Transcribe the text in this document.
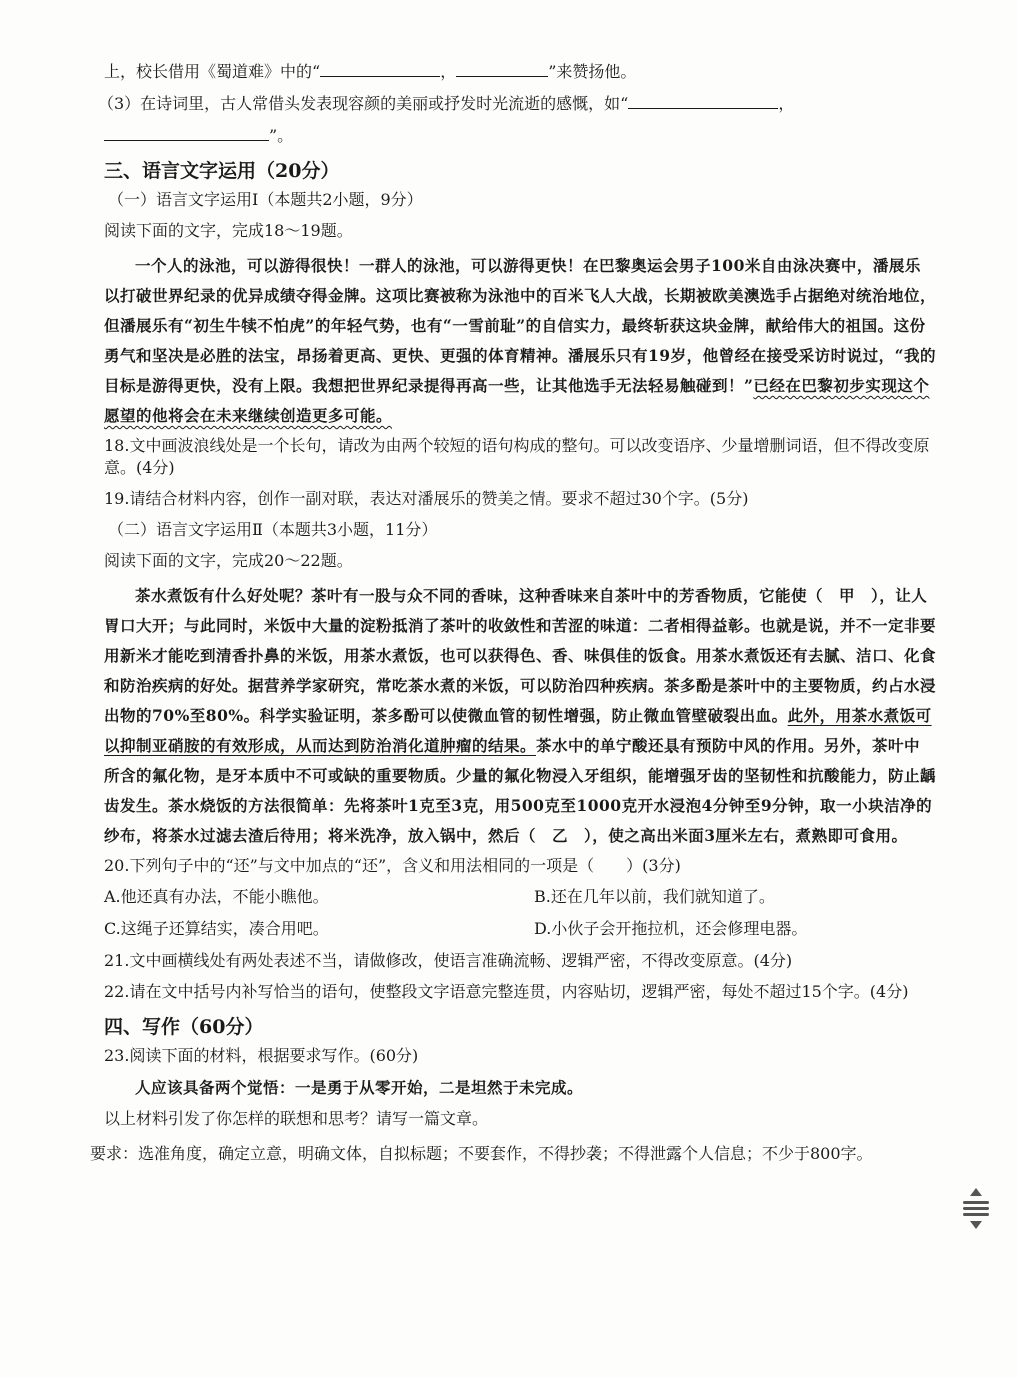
上，校长借用《蜀道难》中的“	，	”来赞扬他。

（3）在诗词里，古人常借头发表现容颜的美丽或抒发时光流逝的感慨，如“	，

”。

三、语言文字运用（20分）

（一）语言文字运用Ⅰ（本题共2小题，9分）

阅读下面的文字，完成18～19题。

一个人的泳池，可以游得很快！一群人的泳池，可以游得更快！在巴黎奥运会男子100米自由泳决赛中，潘展乐以打破世界纪录的优异成绩夺得金牌。这项比赛被称为泳池中的百米飞人大战，长期被欧美澳选手占据绝对统治地位，但潘展乐有“初生牛犊不怕虎”的年轻气势，也有“一雪前耻”的自信实力，最终斩获这块金牌，献给伟大的祖国。这份勇气和坚决是必胜的法宝，昂扬着更高、更快、更强的体育精神。潘展乐只有19岁，他曾经在接受采访时说过，“我的目标是游得更快，没有上限。我想把世界纪录提得再高一些，让其他选手无法轻易触碰到！”已经在巴黎初步实现这个愿望的他将会在未来继续创造更多可能。

18.文中画波浪线处是一个长句，请改为由两个较短的语句构成的整句。可以改变语序、少量增删词语，但不得改变原意。(4分)

19.请结合材料内容，创作一副对联，表达对潘展乐的赞美之情。要求不超过30个字。(5分)

（二）语言文字运用Ⅱ（本题共3小题，11分）

阅读下面的文字，完成20～22题。

茶水煮饭有什么好处呢？茶叶有一股与众不同的香味，这种香味来自茶叶中的芳香物质，它能使（　甲　），让人胃口大开；与此同时，米饭中大量的淀粉抵消了茶叶的收敛性和苦涩的味道：二者相得益彰。也就是说，并不一定非要用新米才能吃到清香扑鼻的米饭，用茶水煮饭，也可以获得色、香、味俱佳的饭食。用茶水煮饭还有去腻、洁口、化食和防治疾病的好处。据营养学家研究，常吃茶水煮的米饭，可以防治四种疾病。茶多酚是茶叶中的主要物质，约占水浸出物的70%至80%。科学实验证明，茶多酚可以使微血管的韧性增强，防止微血管壁破裂出血。此外，用茶水煮饭可以抑制亚硝胺的有效形成，从而达到防治消化道肿瘤的结果。茶水中的单宁酸还具有预防中风的作用。另外，茶叶中所含的氟化物，是牙本质中不可或缺的重要物质。少量的氟化物浸入牙组织，能增强牙齿的坚韧性和抗酸能力，防止龋齿发生。茶水烧饭的方法很简单：先将茶叶1克至3克，用500克至1000克开水浸泡4分钟至9分钟，取一小块洁净的纱布，将茶水过滤去渣后待用；将米洗净，放入锅中，然后（　乙　），使之高出米面3厘米左右，煮熟即可食用。

20.下列句子中的“还”与文中加点的“还”，含义和用法相同的一项是（　　）(3分)

A.他还真有办法，不能小瞧他。	B.还在几年以前，我们就知道了。
C.这绳子还算结实，凑合用吧。	D.小伙子会开拖拉机，还会修理电器。

21.文中画横线处有两处表述不当，请做修改，使语言准确流畅、逻辑严密，不得改变原意。(4分)

22.请在文中括号内补写恰当的语句，使整段文字语意完整连贯，内容贴切，逻辑严密，每处不超过15个字。(4分)

四、写作（60分）

23.阅读下面的材料，根据要求写作。(60分)

人应该具备两个觉悟：一是勇于从零开始，二是坦然于未完成。

以上材料引发了你怎样的联想和思考？请写一篇文章。

要求：选准角度，确定立意，明确文体，自拟标题；不要套作，不得抄袭；不得泄露个人信息；不少于800字。
